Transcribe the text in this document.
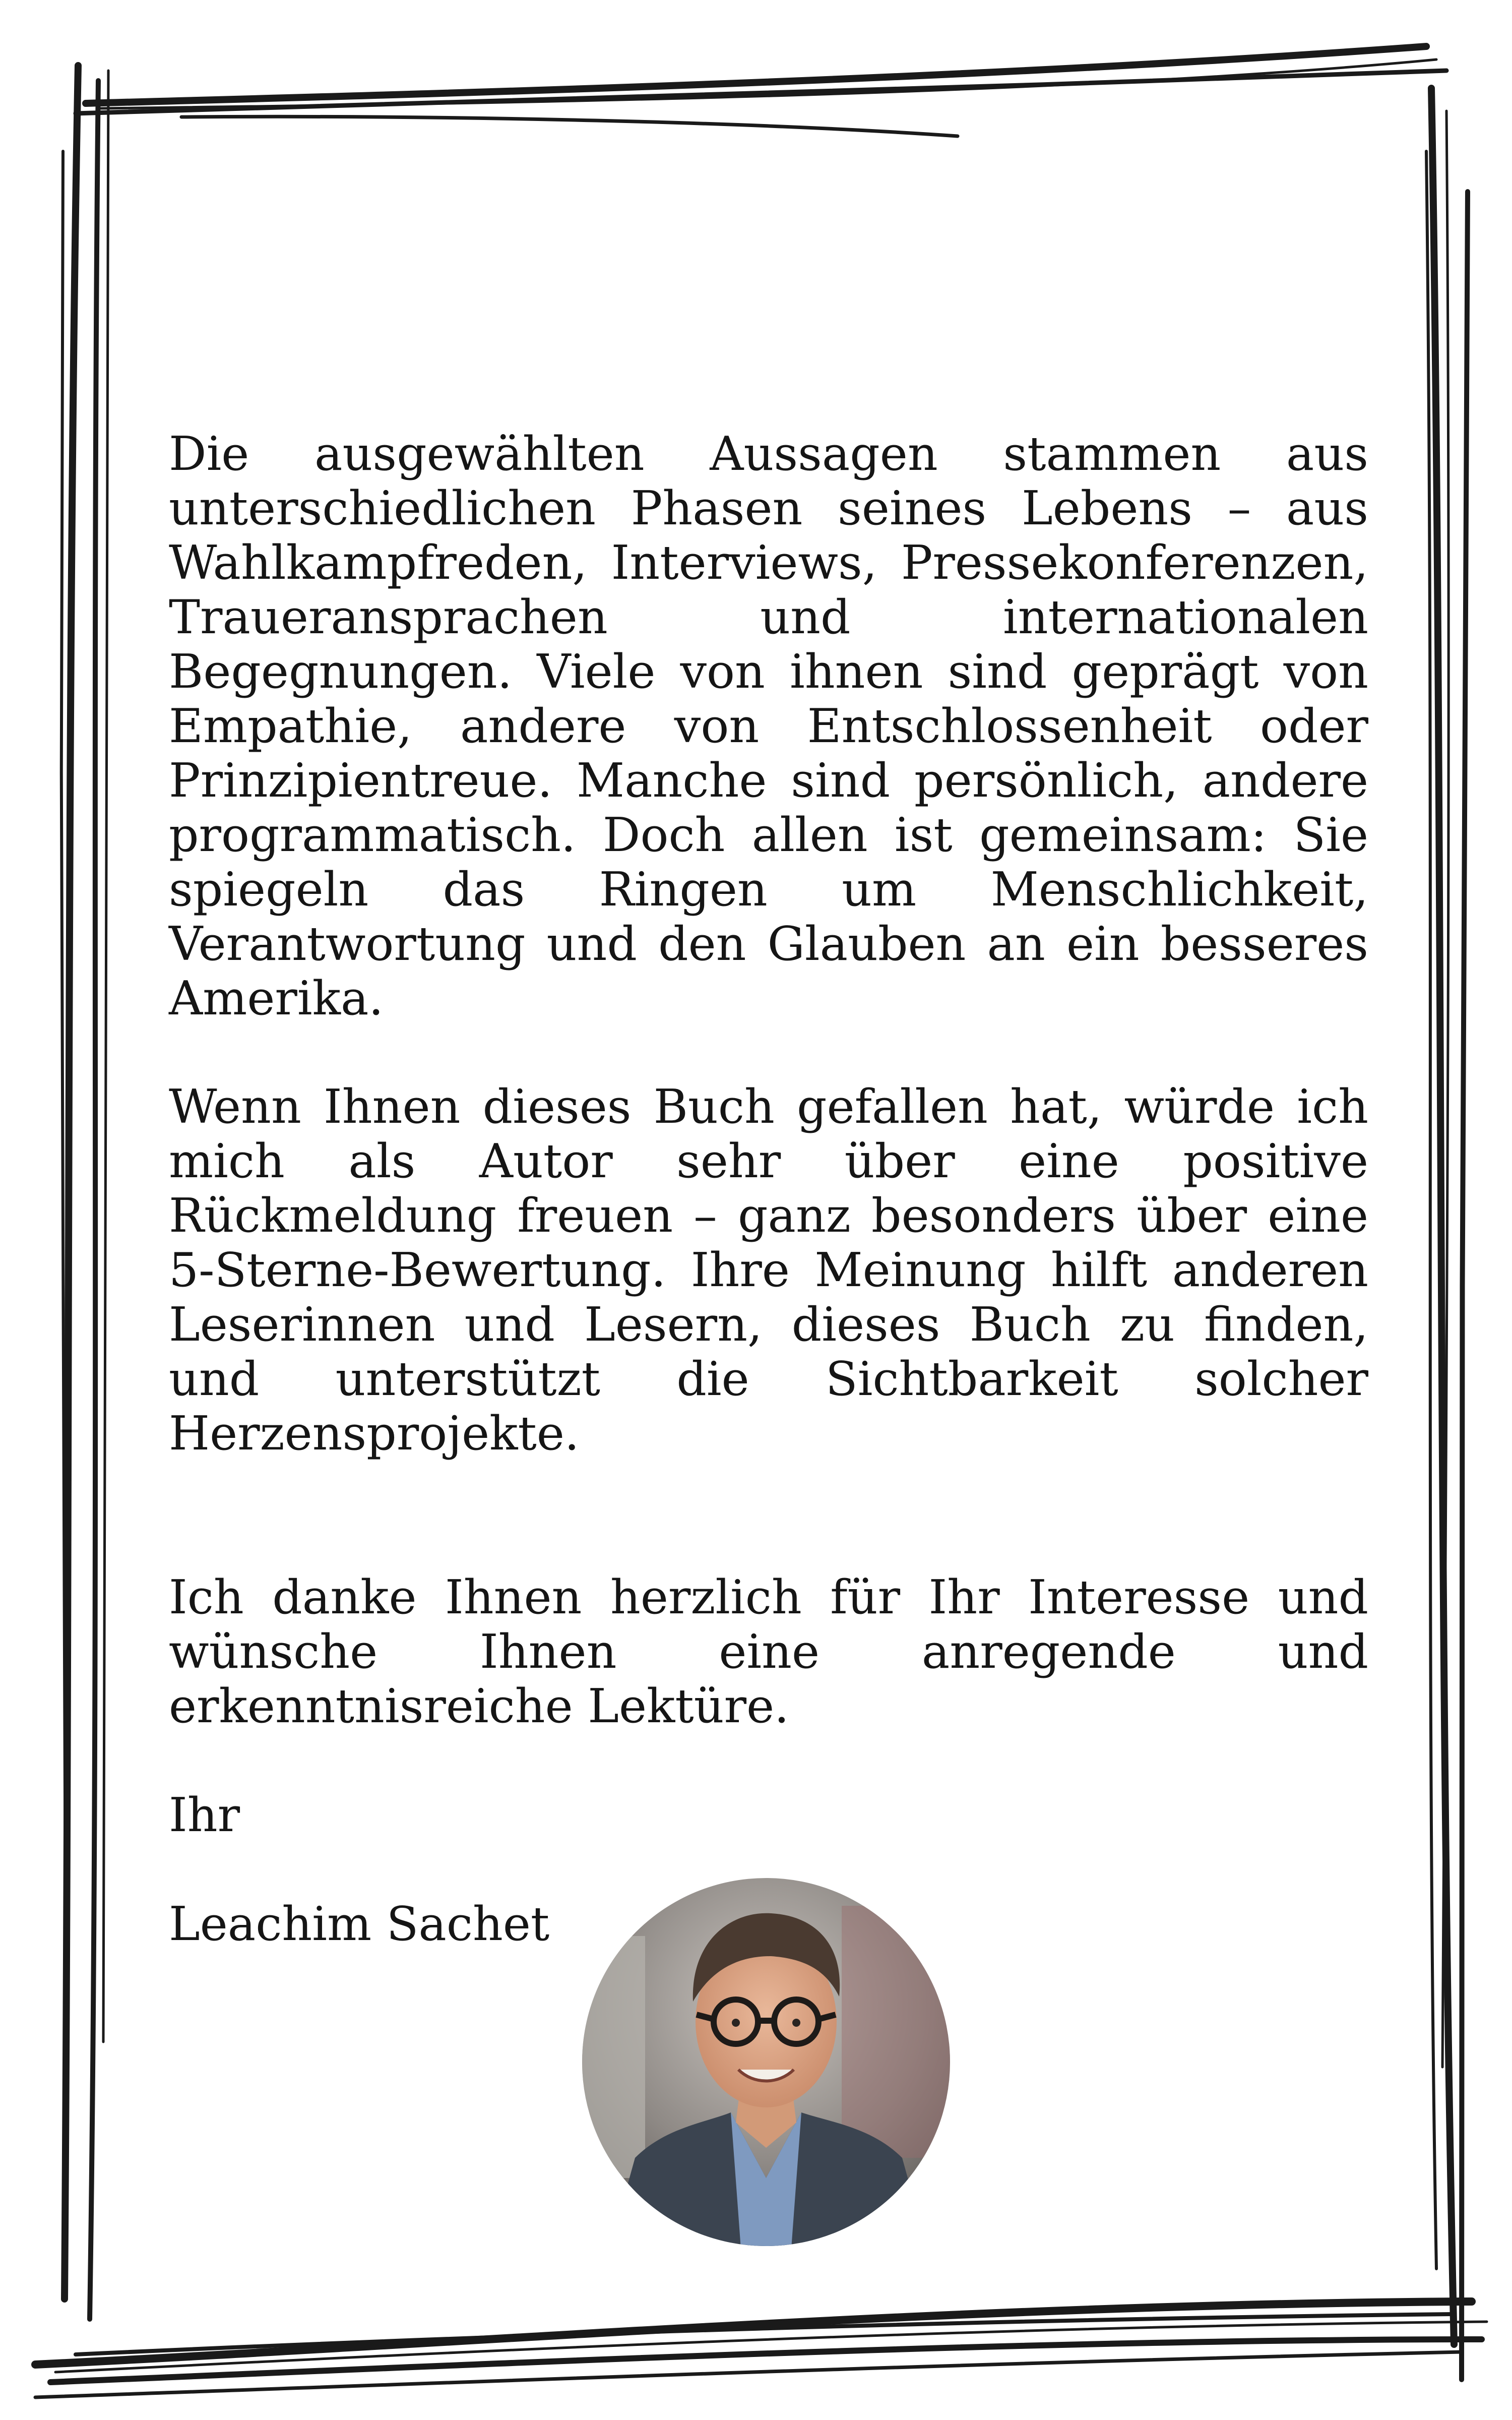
Die ausgewählten Aussagen stammen aus unterschiedlichen Phasen seines Lebens – aus Wahlkampfreden, Interviews, Pressekonferenzen, Traueransprachen und internationalen Begegnungen. Viele von ihnen sind geprägt von Empathie, andere von Entschlossenheit oder Prinzipientreue. Manche sind persönlich, andere programmatisch. Doch allen ist gemeinsam: Sie spiegeln das Ringen um Menschlichkeit, Verantwortung und den Glauben an ein besseres Amerika.
Wenn Ihnen dieses Buch gefallen hat, würde ich mich als Autor sehr über eine positive Rückmeldung freuen – ganz besonders über eine 5-Sterne-Bewertung. Ihre Meinung hilft anderen Leserinnen und Lesern, dieses Buch zu finden, und unterstützt die Sichtbarkeit solcher Herzensprojekte.
Ich danke Ihnen herzlich für Ihr Interesse und wünsche Ihnen eine anregende und erkenntnisreiche Lektüre.
Ihr
Leachim Sachet
